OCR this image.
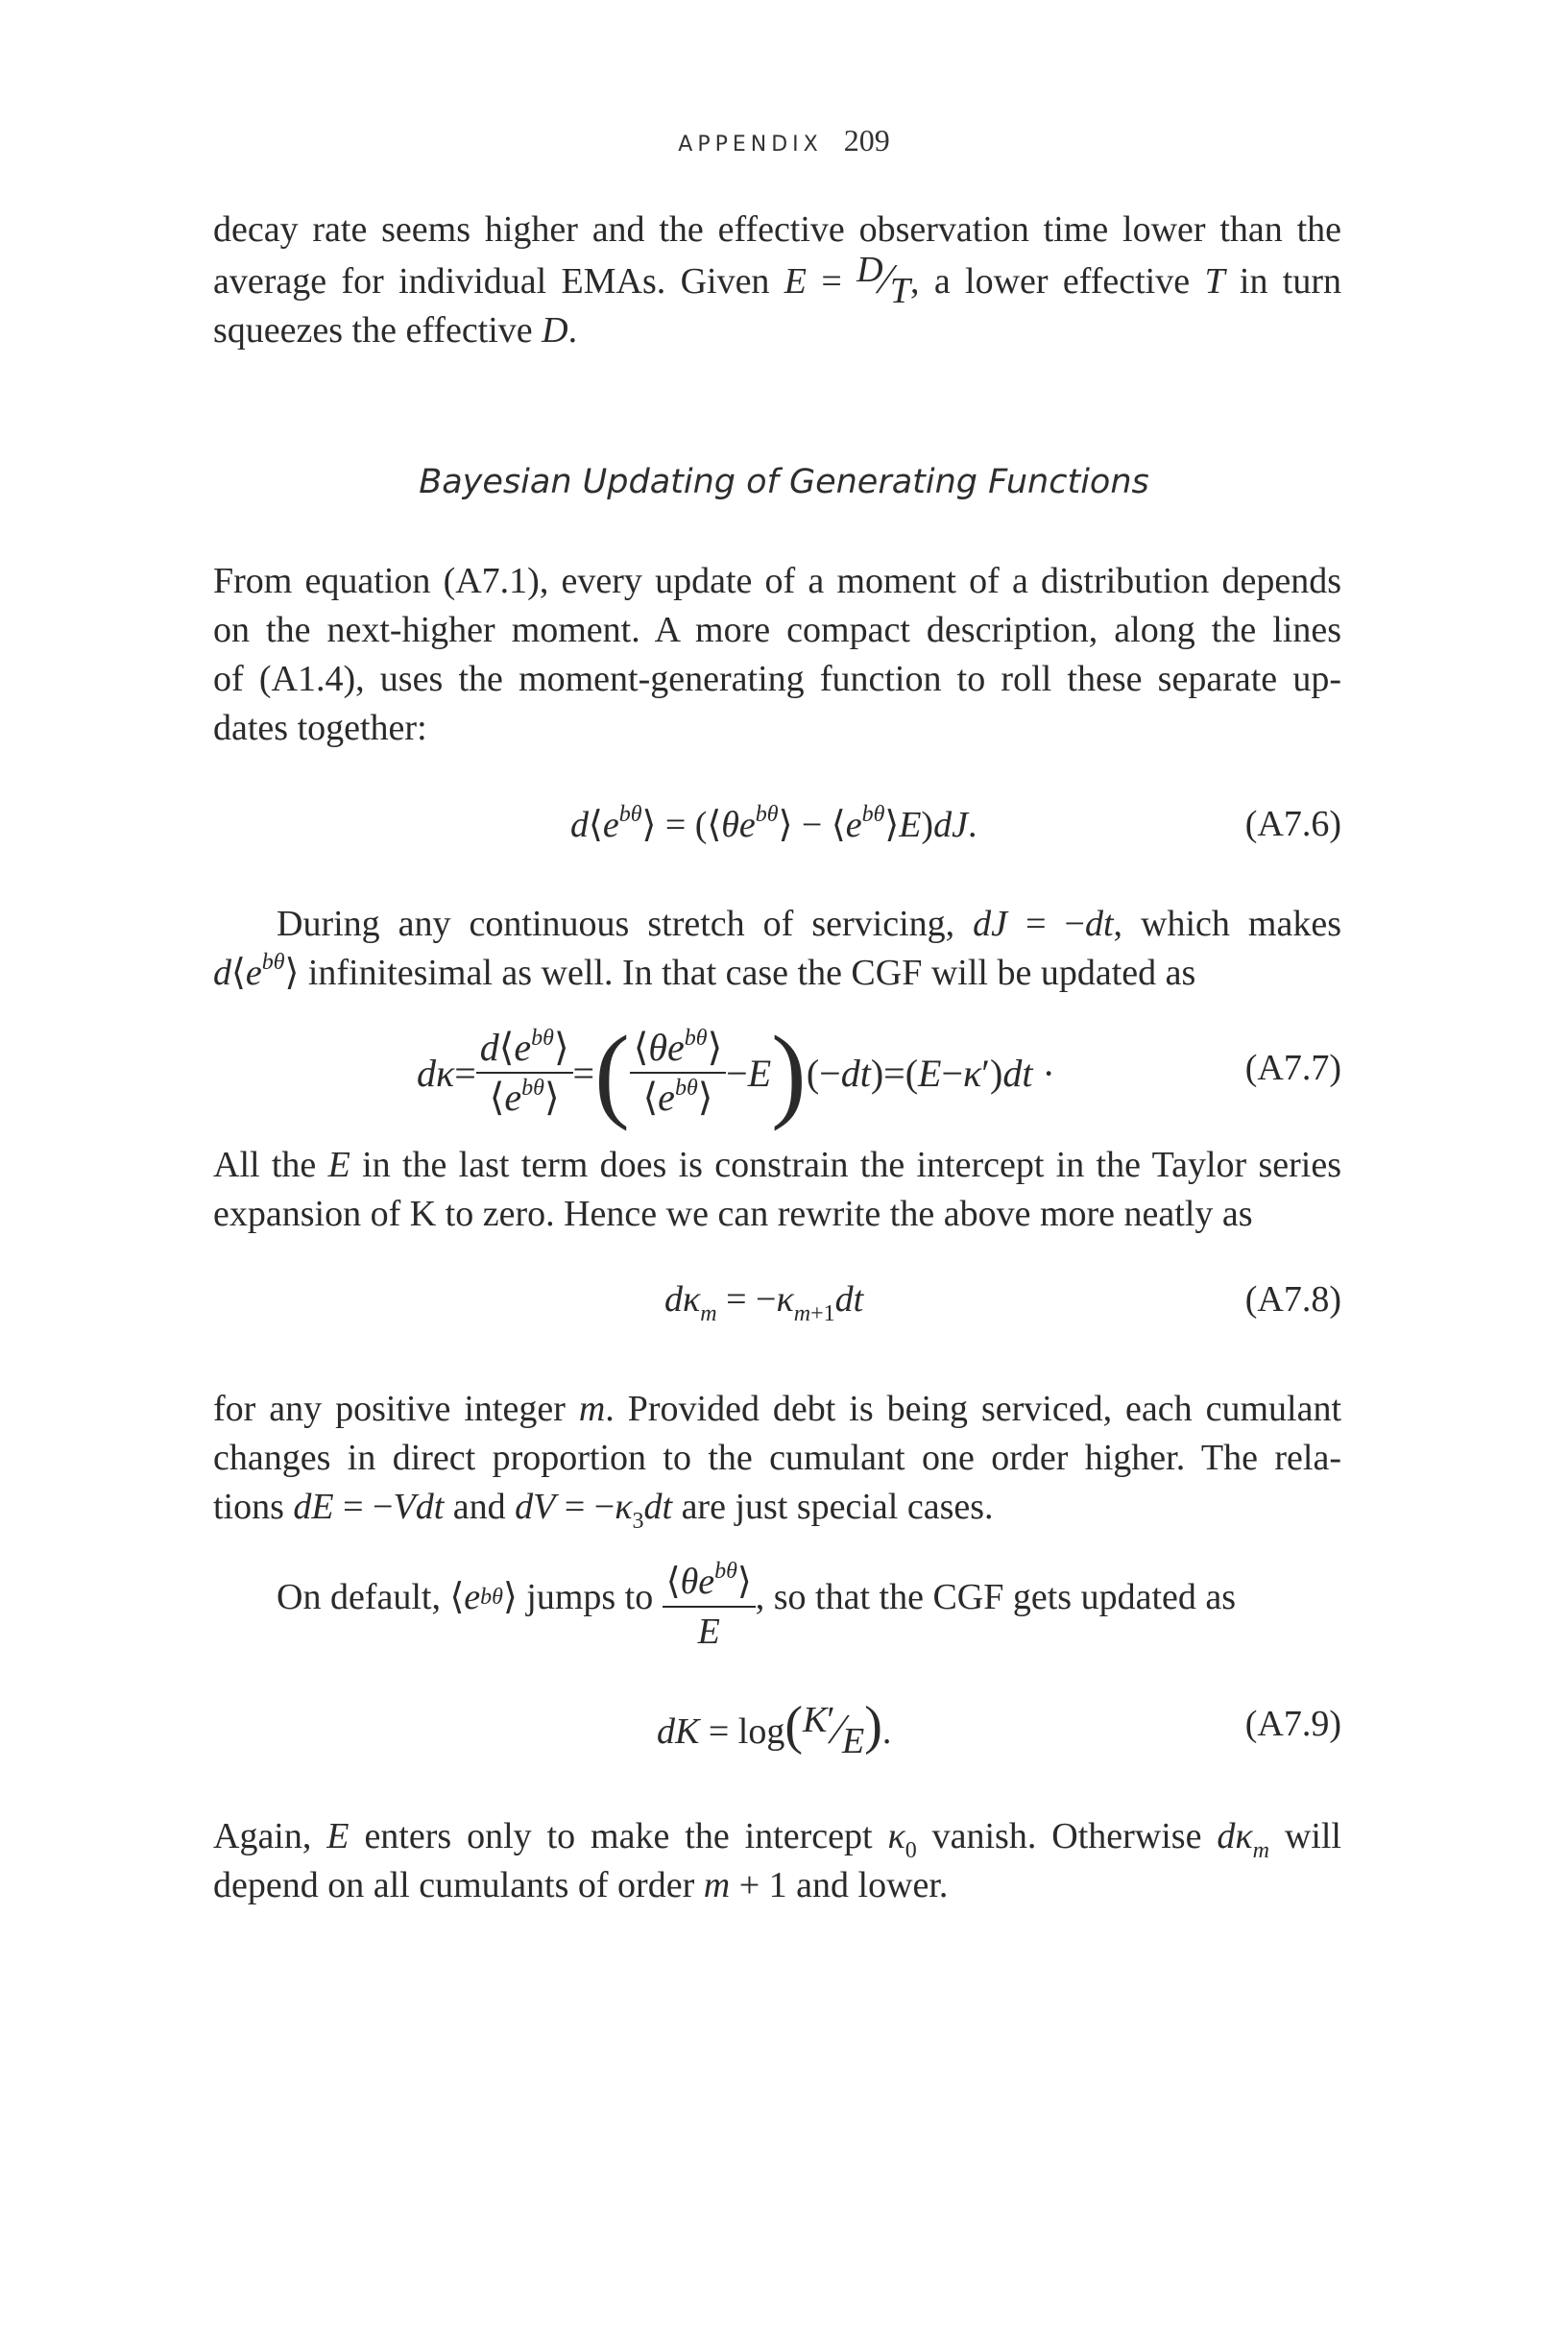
APPENDIX 209
decay rate seems higher and the effective observation time lower than the
average for individual EMAs. Given E = D⁄T, a lower effective T in turn
squeezes the effective D.
Bayesian Updating of Generating Functions
From equation (A7.1), every update of a moment of a distribution depends
on the next-higher moment. A more compact description, along the lines
of (A1.4), uses the moment-generating function to roll these separate up-
dates together:
$d⟨e^{b\theta}⟩$ = ($⟨\theta e^{b\theta}⟩$ − $⟨e^{b\theta}⟩E)dJ$.	(A7.6)
During any continuous stretch of servicing, dJ = −dt, which makes
$d⟨e^{b\theta}⟩$ infinitesimal as well. In that case the CGF will be updated as
$d\kappa= \frac{d⟨e^{b\theta}⟩}{⟨e^{b\theta}⟩}$ = ( $\frac{⟨\theta e^{b\theta}⟩}{⟨e^{b\theta}⟩} -E$ ) (−dt)=(E−κ′)dt ·	(A7.7)
All the E in the last term does is constrain the intercept in the Taylor series
expansion of K to zero. Hence we can rewrite the above more neatly as
$d\kappa_m = -\kappa_{m+1}dt$	(A7.8)
for any positive integer m. Provided debt is being serviced, each cumulant
changes in direct proportion to the cumulant one order higher. The rela-
tions dE = −Vdt and dV = $-\kappa_3dt$ are just special cases.
On default, ⟨ e bθ ⟩ jumps to
$\frac{⟨\theta e^{b\theta}⟩}{E}$ , so that the CGF gets updated as
dK = log(K′⁄E).	(A7.9)
Again, E enters only to make the intercept $\kappa_0$ vanish. Otherwise $d\kappa_m$ will
depend on all cumulants of order m + 1 and lower.
